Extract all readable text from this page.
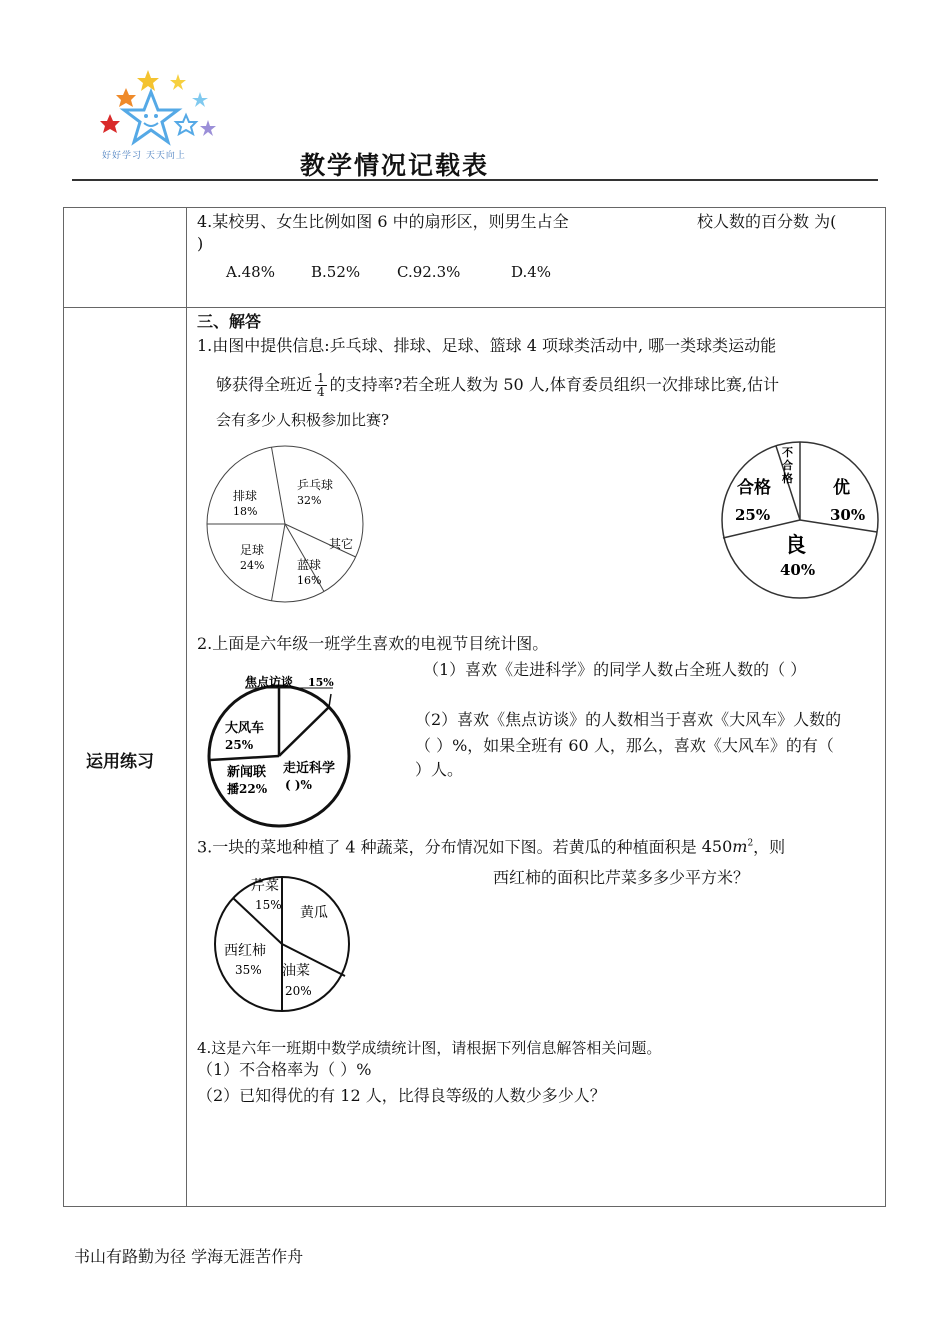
好好学习 天天向上	教学情况记载表
运用练习
4.某校男、女生比例如图 6 中的扇形区，则男生占全	校人数的百分数 为(
)
A.48% B.52% C.92.3%	D.4%
三、解答
1.由图中提供信息:乒乓球、排球、足球、篮球 4 项球类活动中, 哪一类球类运动能
够获得全班近 $\frac{1}{4}$ 的支持率?若全班人数为 50 人,体育委员组织一次排球比赛,估计
会有多少人积极参加比赛?
排球
18%
乒乓球
32%
其它
蓝球
16%
足球
24%
不
合
格
合格
25%
优
30%
良
40%
2.上面是六年级一班学生喜欢的电视节目统计图。
（1）喜欢《走进科学》的同学人数占全班人数的（ ）
（2）喜欢《焦点访谈》的人数相当于喜欢《大风车》人数的
（ ）%，如果全班有 60 人，那么，喜欢《大风车》的有（
）人。
焦点访谈 15%
大风车
25%
新闻联
播22%
走近科学
( )%
3.一块的菜地种植了 4 种蔬菜，分布情况如下图。若黄瓜的种植面积是 $450m^2$，则
西红柿的面积比芹菜多多少平方米？
芹菜
15% 黄瓜
西红柿
35% 油菜
20%
4.这是六年一班期中数学成绩统计图，请根据下列信息解答相关问题。
（1）不合格率为（ ）%
（2）已知得优的有 12 人，比得良等级的人数少多少人？
书山有路勤为径 学海无涯苦作舟
